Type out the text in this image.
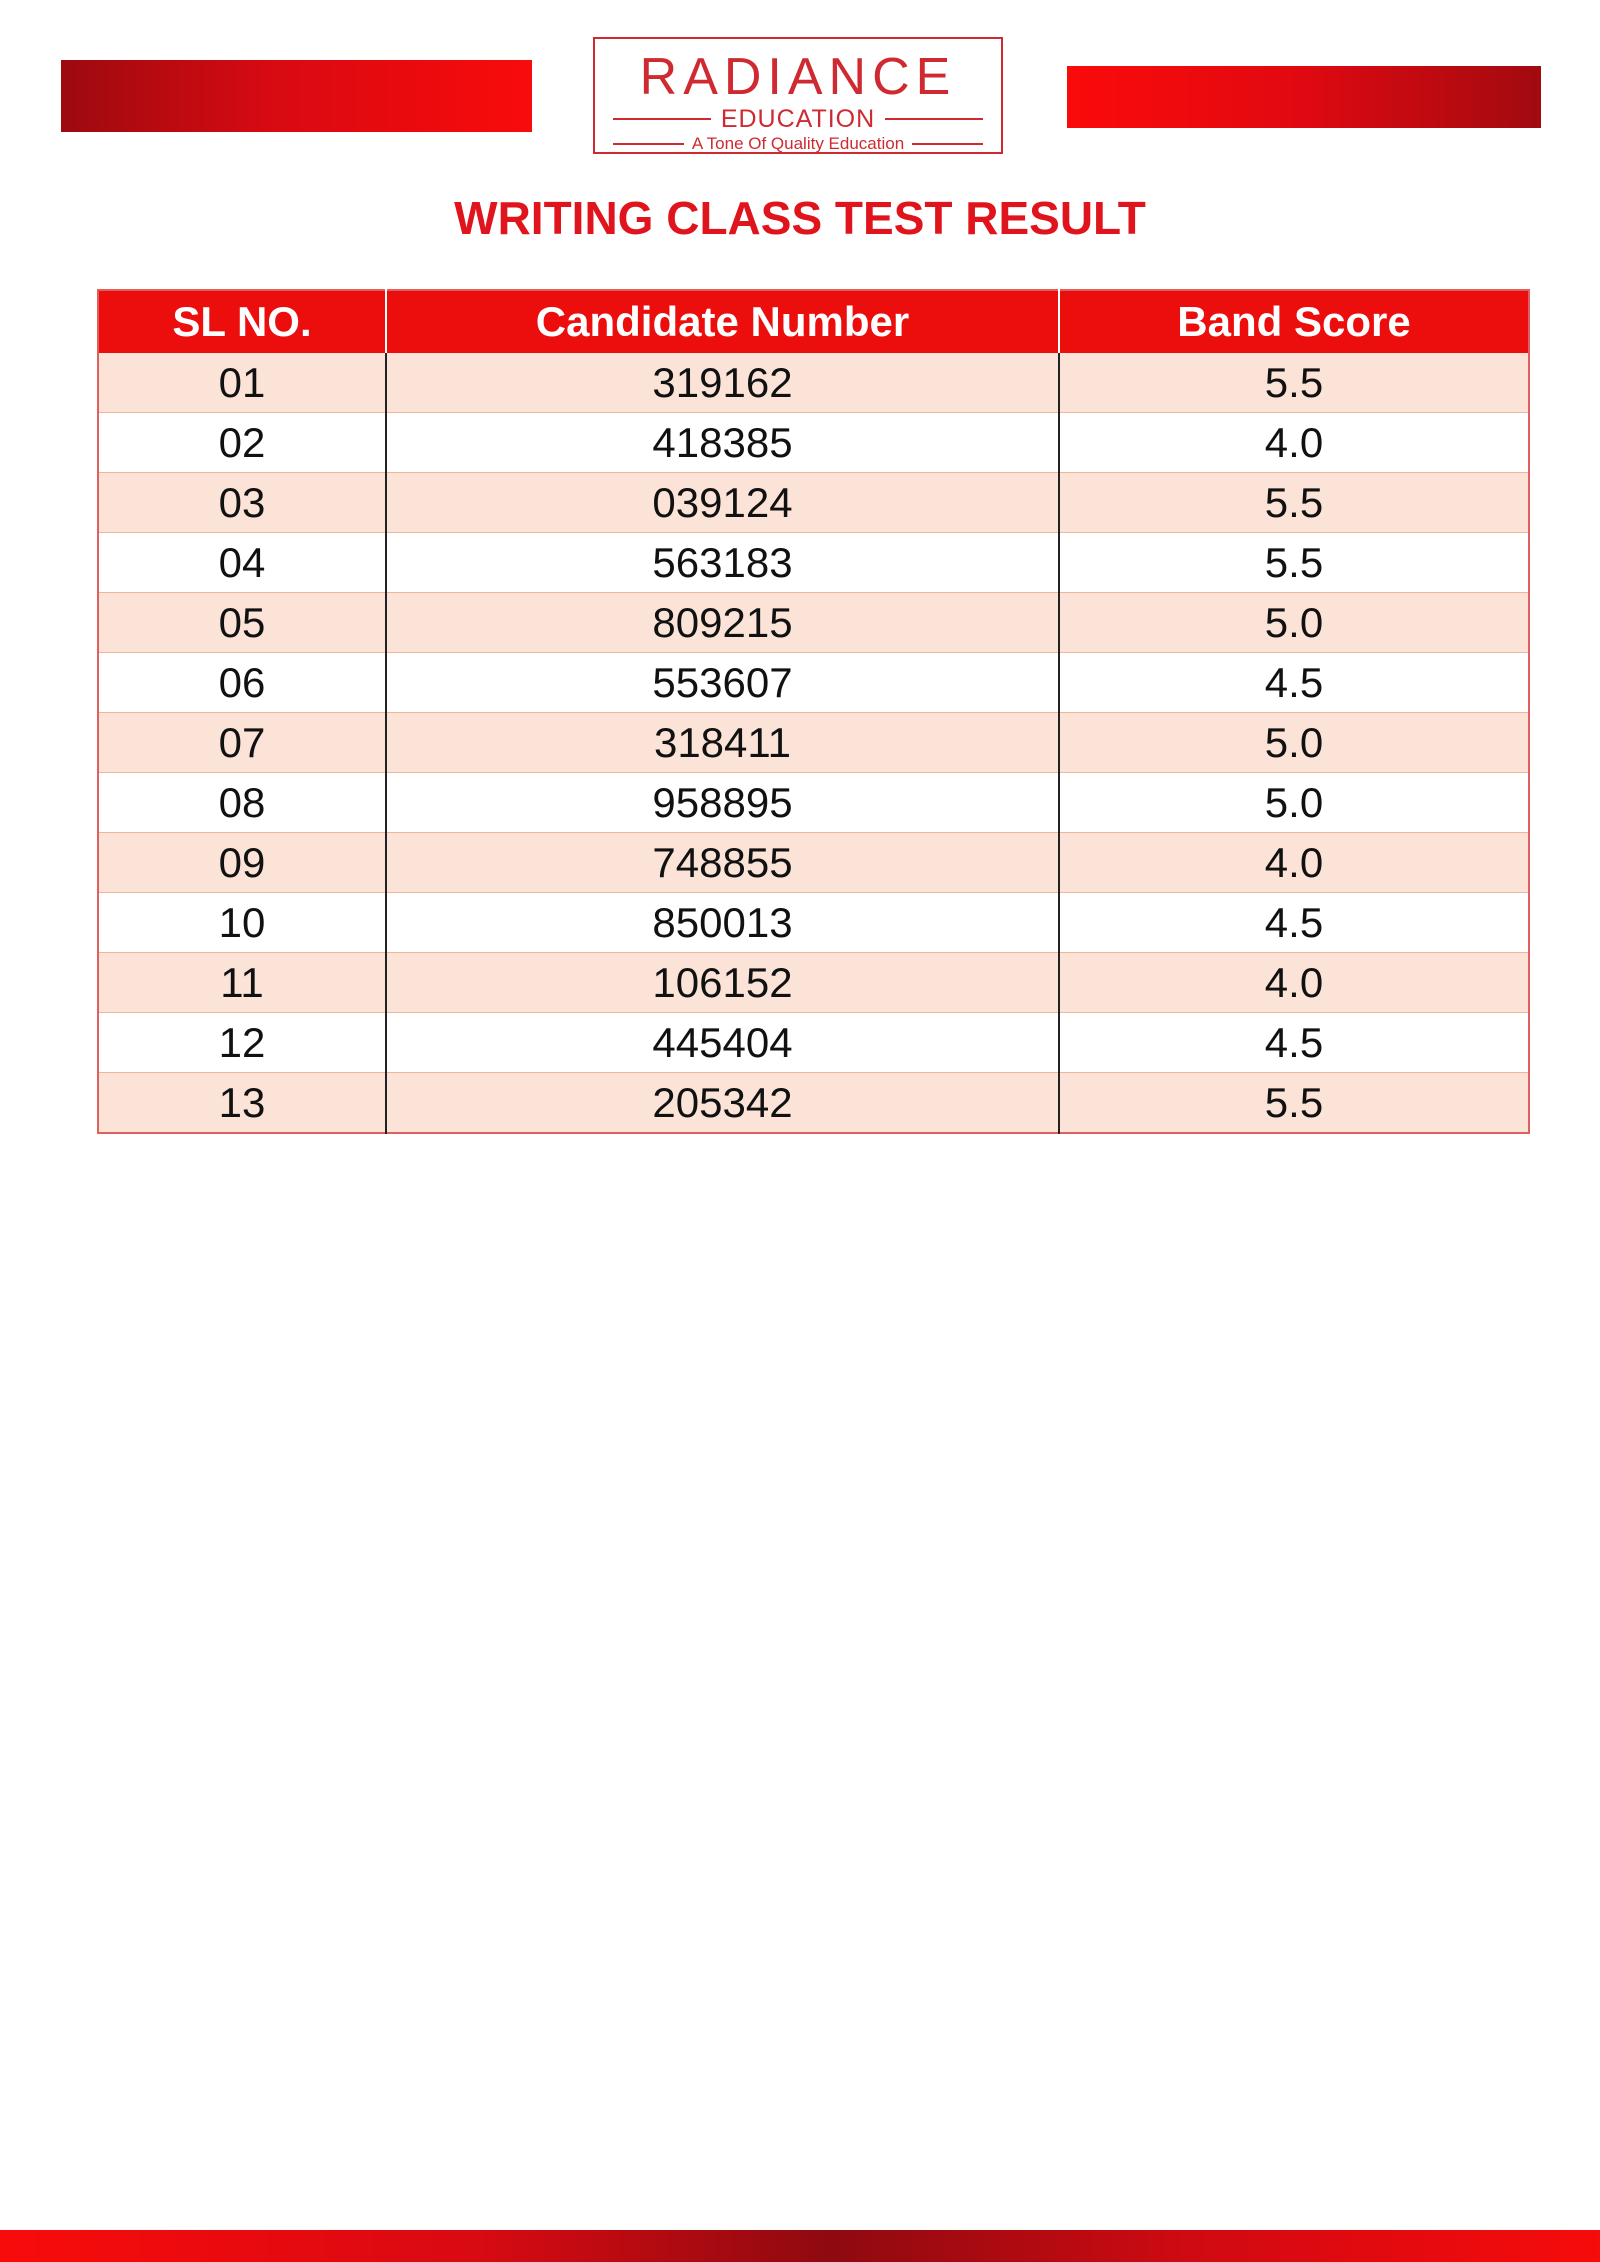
RADIANCE
EDUCATION
A Tone Of Quality Education
WRITING CLASS TEST RESULT
SL NO.	Candidate Number	Band Score
01	319162	5.5
02	418385	4.0
03	039124	5.5
04	563183	5.5
05	809215	5.0
06	553607	4.5
07	318411	5.0
08	958895	5.0
09	748855	4.0
10	850013	4.5
11	106152	4.0
12	445404	4.5
13	205342	5.5
